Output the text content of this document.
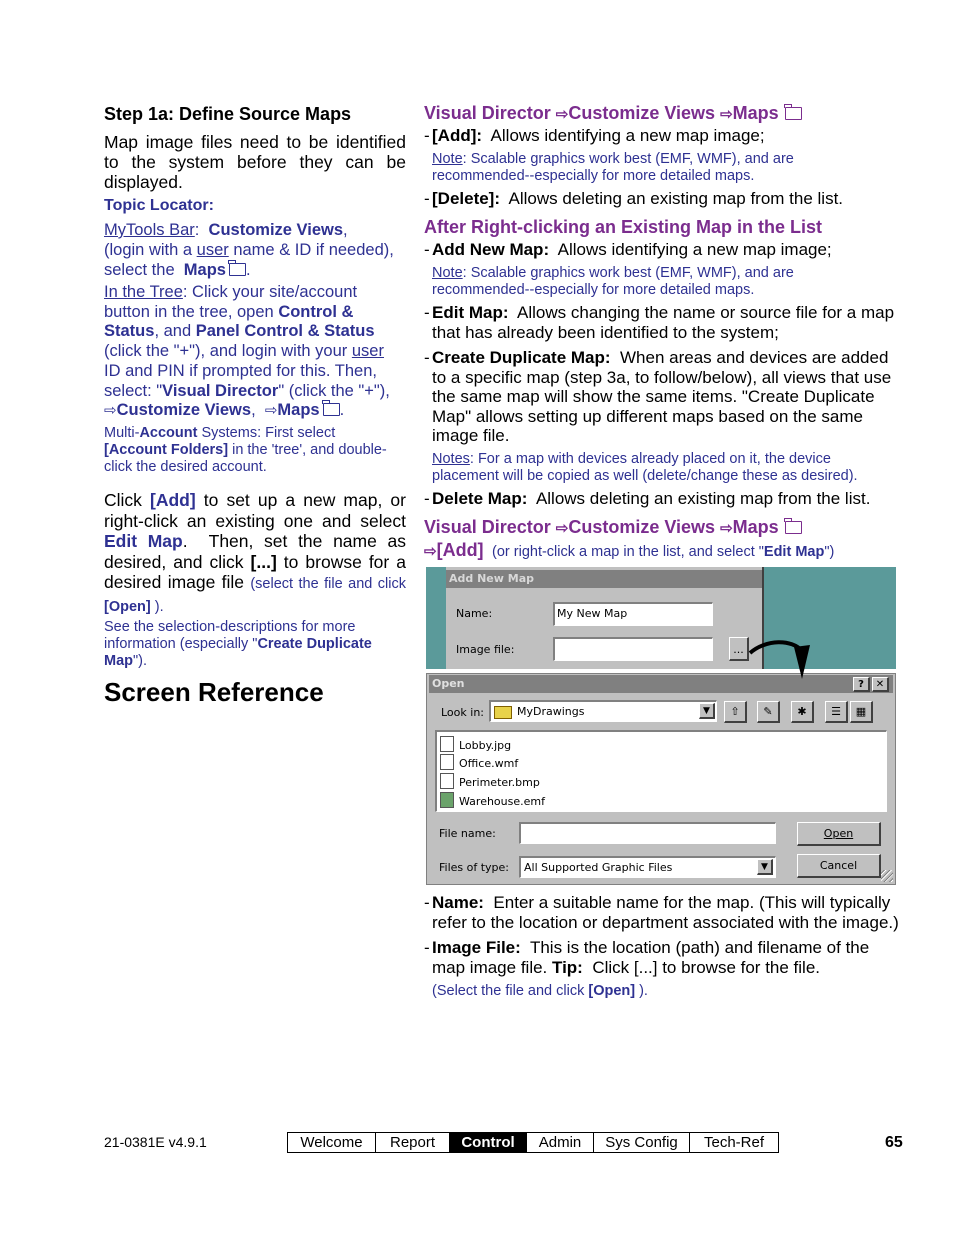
Step 1a: Define Source Maps
Map image files need to be identified to the system before they can be displayed.
Topic Locator:
MyTools Bar:  Customize Views,
(login with a user name & ID if needed),
select the Maps .
In the Tree: Click your site/account
button in the tree, open Control &
Status, and Panel Control & Status
(click the "+"), and login with your user
ID and PIN if prompted for this. Then,
select: "Visual Director" (click the "+"),
⇨Customize Views,  ⇨Maps .
Multi-Account Systems: First select
[Account Folders] in the 'tree', and double-
click the desired account.
Click [Add] to set up a new map, or right-click an existing one and select Edit Map.  Then, set the name as desired, and click [...] to browse for a desired image file (select the file and click [Open] ).
See the selection-descriptions for more information (especially "Create Duplicate Map").
Screen Reference
Visual Director ⇨Customize Views ⇨Maps
- [Add]: Allows identifying a new map image;
Note: Scalable graphics work best (EMF, WMF), and are recommended--especially for more detailed maps.
- [Delete]: Allows deleting an existing map from the list.
After Right-clicking an Existing Map in the List
- Add New Map: Allows identifying a new map image;
Note: Scalable graphics work best (EMF, WMF), and are recommended--especially for more detailed maps.
- Edit Map: Allows changing the name or source file for a map that has already been identified to the system;
- Create Duplicate Map: When areas and devices are added to a specific map (step 3a, to follow/below), all views that use the same map will show the same items. "Create Duplicate Map" allows setting up different maps based on the same image file.
Notes: For a map with devices already placed on it, the device placement will be copied as well (delete/change these as desired).
- Delete Map: Allows deleting an existing map from the list.
Visual Director ⇨Customize Views ⇨Maps
⇨[Add] (or right-click a map in the list, and select "Edit Map")
Add New Map
Name:	My New Map
Image file:	...
Open	?	✕
Look in:	MyDrawings	▼	⇧	✎	✱	☰	▦
Lobby.jpg
Office.wmf
Perimeter.bmp
Warehouse.emf
File name:
Files of type: All Supported Graphic Files	▼
Open
Cancel
- Name: Enter a suitable name for the map. (This will typically refer to the location or department associated with the image.)
- Image File: This is the location (path) and filename of the map image file. Tip: Click [...] to browse for the file.
(Select the file and click [Open] ).
21-0381E v4.9.1	Welcome	Report	Control	Admin	Sys Config	Tech-Ref	65
